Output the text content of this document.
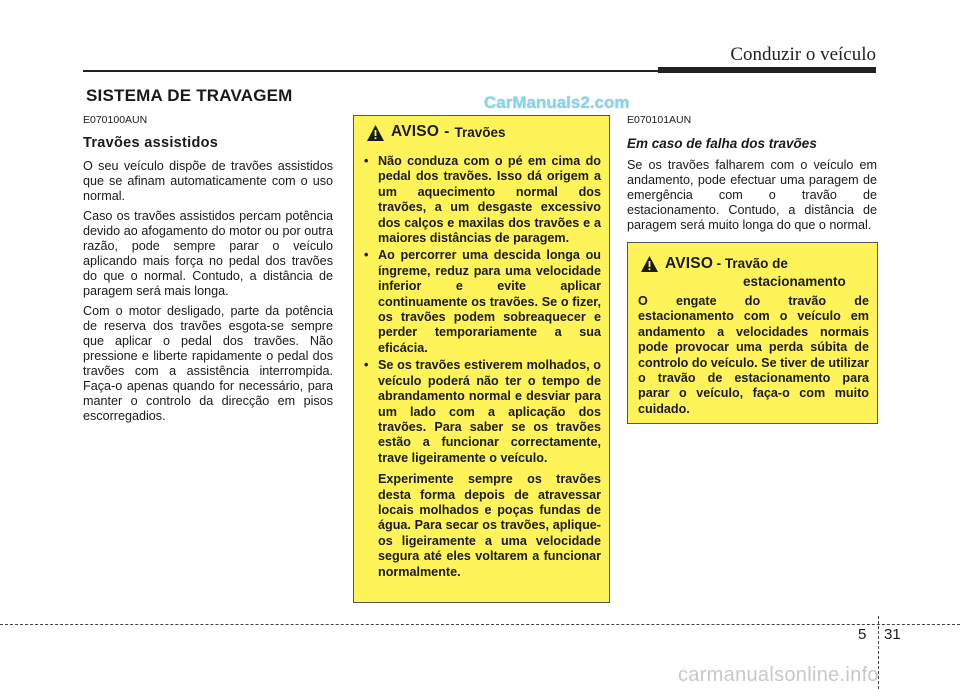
Conduzir o veículo
SISTEMA DE TRAVAGEM	CarManuals2.com
E070100AUN
Travões assistidos

O seu veículo dispõe de travões assistidos que se afinam automaticamente com o uso normal.

Caso os travões assistidos percam potência devido ao afogamento do motor ou por outra razão, pode sempre parar o veículo aplicando mais força no pedal dos travões do que o normal. Contudo, a distância de paragem será mais longa.

Com o motor desligado, parte da potência de reserva dos travões esgota-se sempre que aplicar o pedal dos travões. Não pressione e liberte rapidamente o pedal dos travões com a assistência interrompida. Faça-o apenas quando for necessário, para manter o controlo da direcção em pisos escorregadios.

AVISO - Travões
• Não conduza com o pé em cima do pedal dos travões. Isso dá origem a um aquecimento normal dos travões, a um desgaste excessivo dos calços e maxilas dos travões e a maiores distâncias de paragem.
• Ao percorrer uma descida longa ou íngreme, reduz para uma velocidade inferior e evite aplicar continuamente os travões. Se o fizer, os travões podem sobreaquecer e perder temporariamente a sua eficácia.
• Se os travões estiverem molhados, o veículo poderá não ter o tempo de abrandamento normal e desviar para um lado com a aplicação dos travões. Para saber se os travões estão a funcionar correctamente, trave ligeiramente o veículo.
Experimente sempre os travões desta forma depois de atravessar locais molhados e poças fundas de água. Para secar os travões, aplique-os ligeiramente a uma velocidade segura até eles voltarem a funcionar normalmente.
E070101AUN
Em caso de falha dos travões

Se os travões falharem com o veículo em andamento, pode efectuar uma paragem de emergência com o travão de estacionamento. Contudo, a distância de paragem será muito longa do que o normal.

AVISO - Travão de
estacionamento
O engate do travão de estacionamento com o veículo em andamento a velocidades normais pode provocar uma perda súbita de controlo do veículo. Se tiver de utilizar o travão de estacionamento para parar o veículo, faça-o com muito cuidado.
5 31
carmanualsonline.info
